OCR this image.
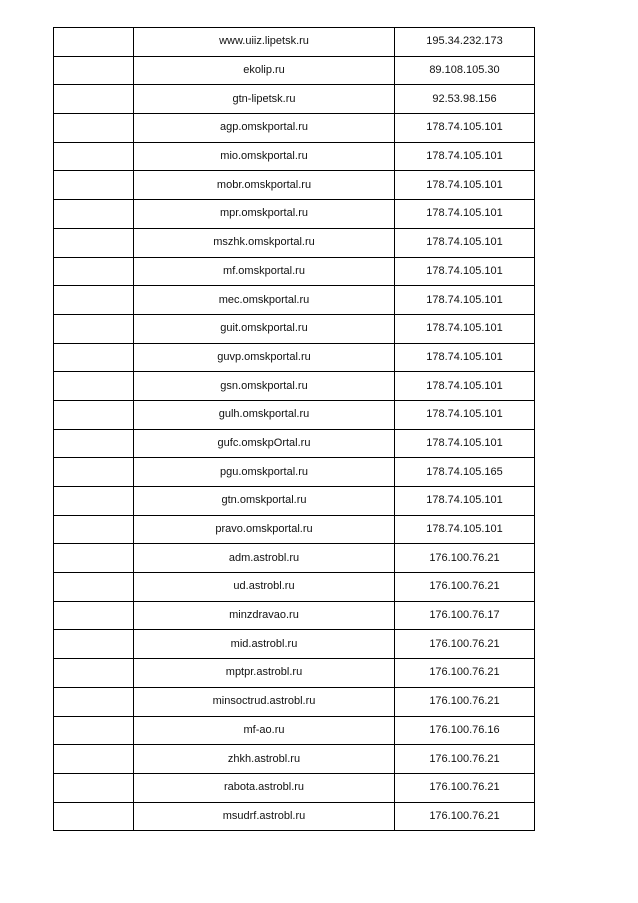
	www.uiiz.lipetsk.ru	195.34.232.173
	ekolip.ru	89.108.105.30
	gtn-lipetsk.ru	92.53.98.156
	agp.omskportal.ru	178.74.105.101
	mio.omskportal.ru	178.74.105.101
	mobr.omskportal.ru	178.74.105.101
	mpr.omskportal.ru	178.74.105.101
	mszhk.omskportal.ru	178.74.105.101
	mf.omskportal.ru	178.74.105.101
	mec.omskportal.ru	178.74.105.101
	guit.omskportal.ru	178.74.105.101
	guvp.omskportal.ru	178.74.105.101
	gsn.omskportal.ru	178.74.105.101
	gulh.omskportal.ru	178.74.105.101
	gufc.omskpOrtal.ru	178.74.105.101
	pgu.omskportal.ru	178.74.105.165
	gtn.omskportal.ru	178.74.105.101
	pravo.omskportal.ru	178.74.105.101
	adm.astrobl.ru	176.100.76.21
	ud.astrobl.ru	176.100.76.21
	minzdravao.ru	176.100.76.17
	mid.astrobl.ru	176.100.76.21
	mptpr.astrobl.ru	176.100.76.21
	minsoctrud.astrobl.ru	176.100.76.21
	mf-ao.ru	176.100.76.16
	zhkh.astrobl.ru	176.100.76.21
	rabota.astrobl.ru	176.100.76.21
	msudrf.astrobl.ru	176.100.76.21
